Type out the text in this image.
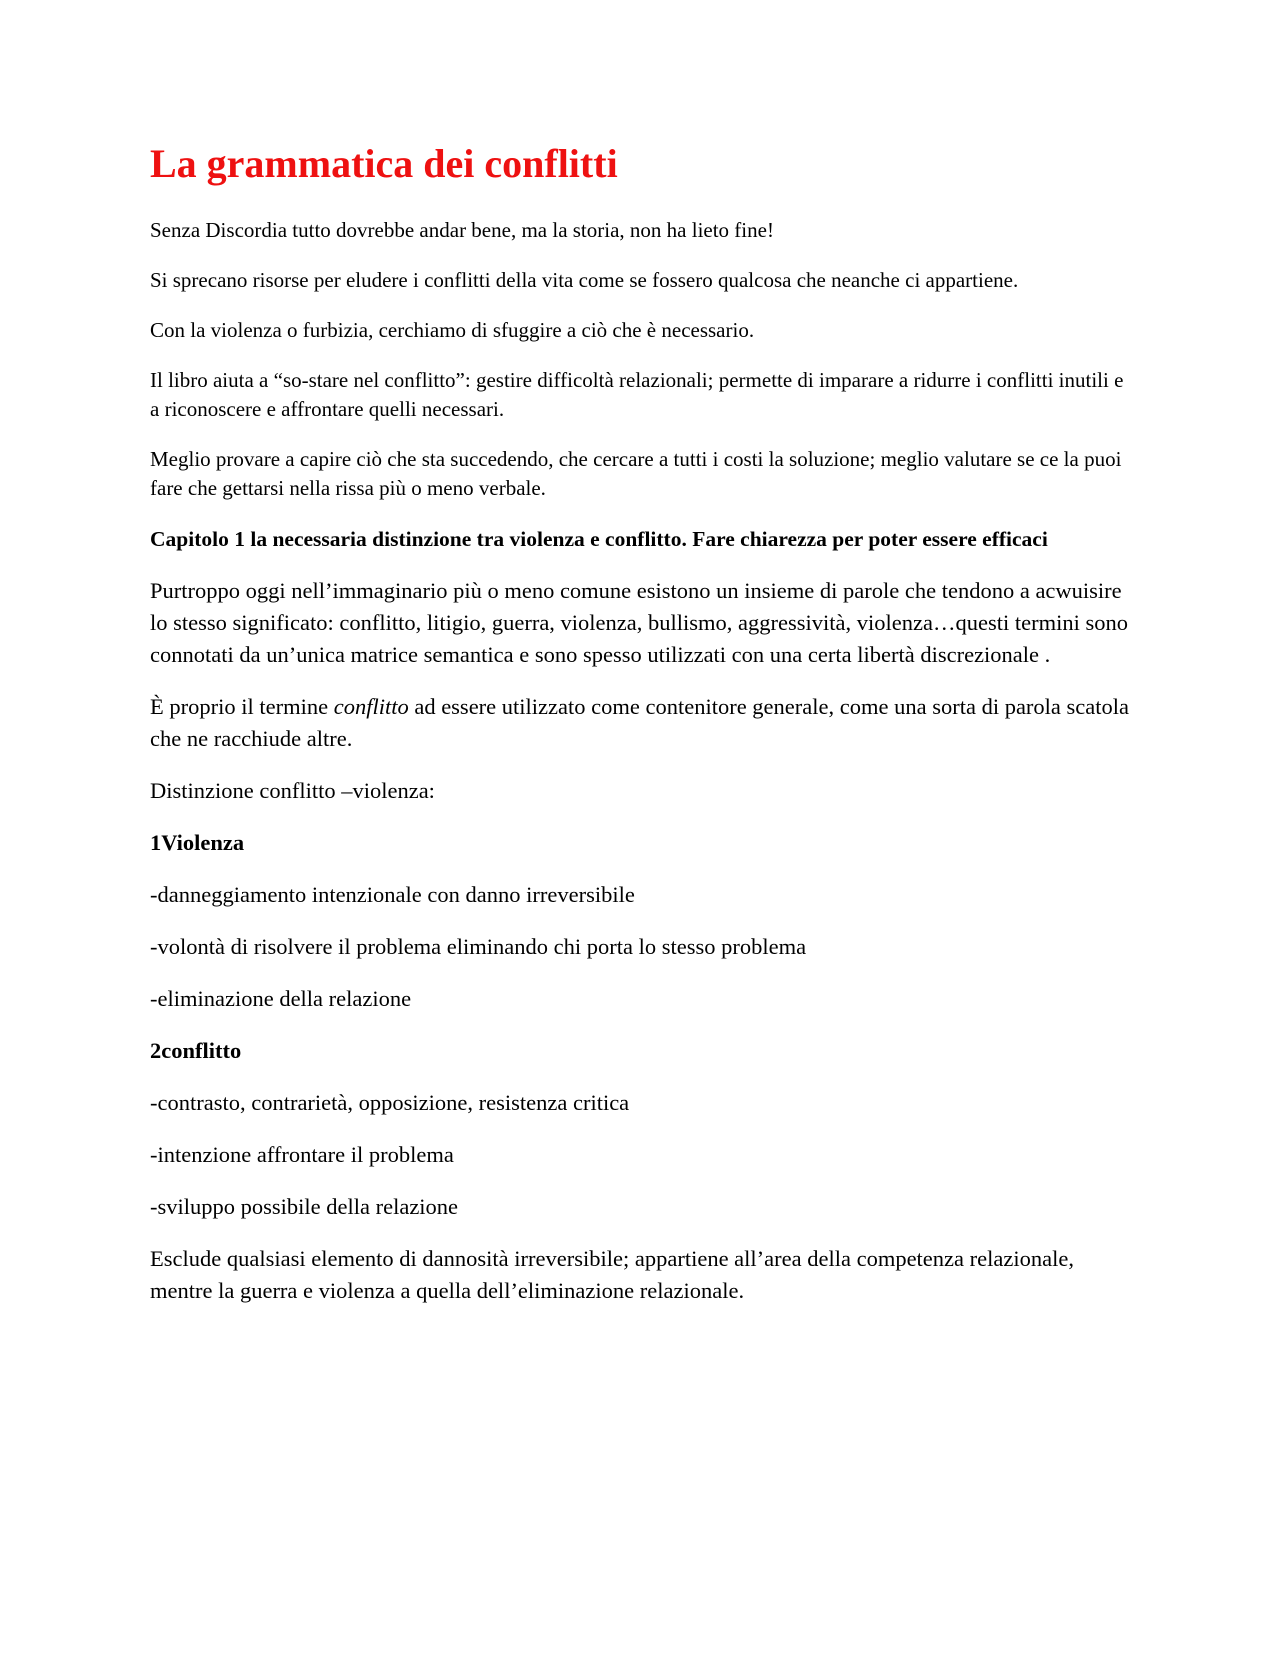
La grammatica dei conflitti

Senza Discordia tutto dovrebbe andar bene, ma la storia, non ha lieto fine!

Si sprecano risorse per eludere i conflitti della vita come se fossero qualcosa che neanche ci appartiene.

Con la violenza o furbizia, cerchiamo di sfuggire a ciò che è necessario.

Il libro aiuta a “so-stare nel conflitto”: gestire difficoltà relazionali; permette di imparare a ridurre i conflitti inutili e a riconoscere e affrontare quelli necessari.

Meglio provare a capire ciò che sta succedendo, che cercare a tutti i costi la soluzione; meglio valutare se ce la puoi fare che gettarsi nella rissa più o meno verbale.

Capitolo 1 la necessaria distinzione tra violenza e conflitto. Fare chiarezza per poter essere efficaci

Purtroppo oggi nell’immaginario più o meno comune esistono un insieme di parole che tendono a acwuisire lo stesso significato: conflitto, litigio, guerra, violenza, bullismo, aggressività, violenza…questi termini sono connotati da un’unica matrice semantica e sono spesso utilizzati con una certa libertà discrezionale .

È proprio il termine conflitto ad essere utilizzato come contenitore generale, come una sorta di parola scatola che ne racchiude altre.

Distinzione conflitto –violenza:

1Violenza
-danneggiamento intenzionale con danno irreversibile
-volontà di risolvere il problema eliminando chi porta lo stesso problema
-eliminazione della relazione
2conflitto
-contrasto, contrarietà, opposizione, resistenza critica
-intenzione affrontare il problema
-sviluppo possibile della relazione

Esclude qualsiasi elemento di dannosità irreversibile; appartiene all’area della competenza relazionale, mentre la guerra e violenza a quella dell’eliminazione relazionale.
